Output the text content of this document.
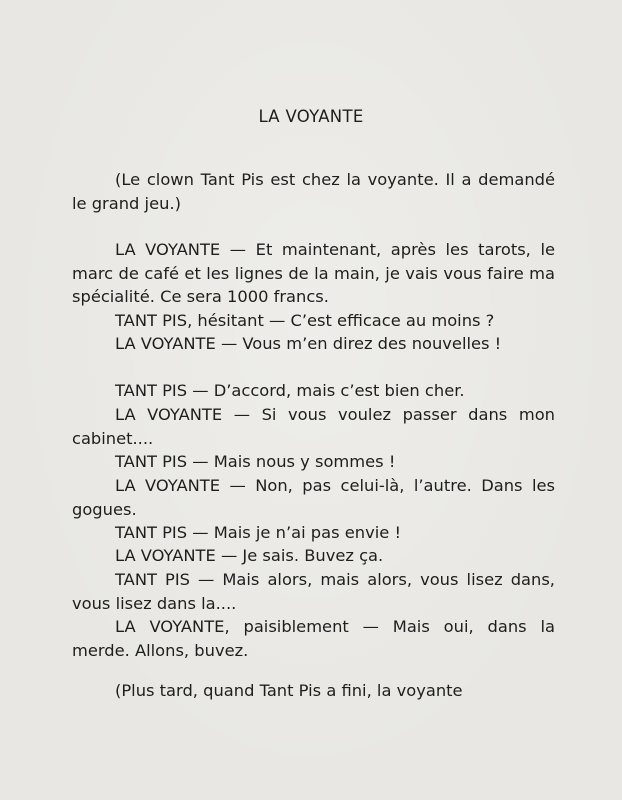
LA VOYANTE

(Le clown Tant Pis est chez la voyante. Il a demandé le grand jeu.)

LA VOYANTE — Et maintenant, après les tarots, le marc de café et les lignes de la main, je vais vous faire ma spécialité. Ce sera 1000 francs.

TANT PIS, hésitant — C’est efficace au moins ?

LA VOYANTE — Vous m’en direz des nouvelles !

TANT PIS — D’accord, mais c’est bien cher.

LA VOYANTE — Si vous voulez passer dans mon cabinet....

TANT PIS — Mais nous y sommes !

LA VOYANTE — Non, pas celui-là, l’autre. Dans les gogues.

TANT PIS — Mais je n’ai pas envie !

LA VOYANTE — Je sais. Buvez ça.

TANT PIS — Mais alors, mais alors, vous lisez dans, vous lisez dans la....

LA VOYANTE, paisiblement — Mais oui, dans la merde. Allons, buvez.

(Plus tard, quand Tant Pis a fini, la voyante
